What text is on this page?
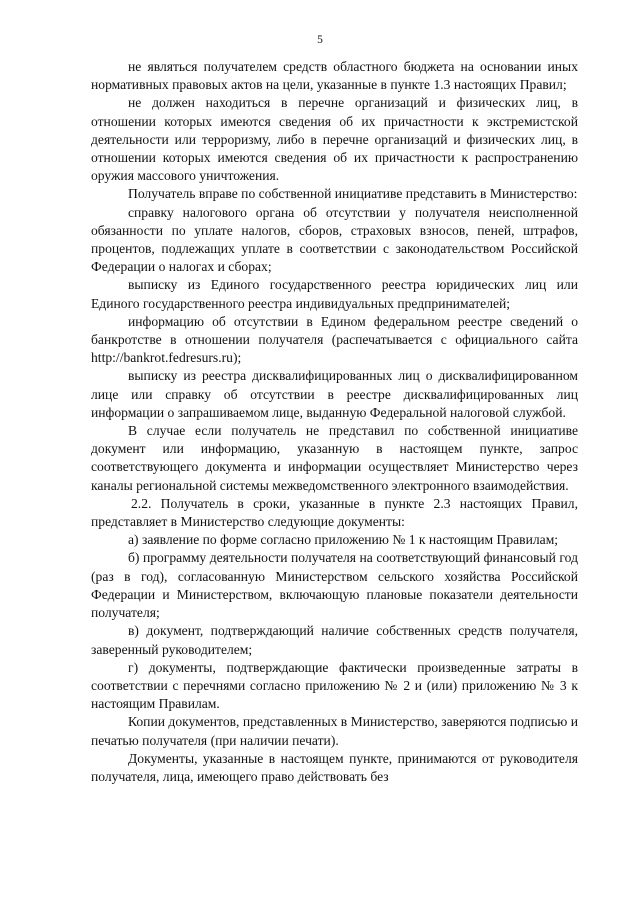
5

не являться получателем средств областного бюджета на основании иных нормативных правовых актов на цели, указанные в пункте 1.3 настоящих Правил;

не должен находиться в перечне организаций и физических лиц, в отношении которых имеются сведения об их причастности к экстремистской деятельности или терроризму, либо в перечне организаций и физических лиц, в отношении которых имеются сведения об их причастности к распространению оружия массового уничтожения.

Получатель вправе по собственной инициативе представить в Министерство:

справку налогового органа об отсутствии у получателя неисполненной обязанности по уплате налогов, сборов, страховых взносов, пеней, штрафов, процентов, подлежащих уплате в соответствии с законодательством Российской Федерации о налогах и сборах;

выписку из Единого государственного реестра юридических лиц или Единого государственного реестра индивидуальных предпринимателей;

информацию об отсутствии в Едином федеральном реестре сведений о банкротстве в отношении получателя (распечатывается с официального сайта http://bankrot.fedresurs.ru);

выписку из реестра дисквалифицированных лиц о дисквалифицированном лице или справку об отсутствии в реестре дисквалифицированных лиц информации о запрашиваемом лице, выданную Федеральной налоговой службой.

В случае если получатель не представил по собственной инициативе документ или информацию, указанную в настоящем пункте, запрос соответствующего документа и информации осуществляет Министерство через каналы региональной системы межведомственного электронного взаимодействия.

2.2. Получатель в сроки, указанные в пункте 2.3 настоящих Правил, представляет в Министерство следующие документы:

а) заявление по форме согласно приложению № 1 к настоящим Правилам;

б) программу деятельности получателя на соответствующий финансовый год (раз в год), согласованную Министерством сельского хозяйства Российской Федерации и Министерством, включающую плановые показатели деятельности получателя;

в) документ, подтверждающий наличие собственных средств получателя, заверенный руководителем;

г) документы, подтверждающие фактически произведенные затраты в соответствии с перечнями согласно приложению № 2 и (или) приложению № 3 к настоящим Правилам.

Копии документов, представленных в Министерство, заверяются подписью и печатью получателя (при наличии печати).

Документы, указанные в настоящем пункте, принимаются от руководителя получателя, лица, имеющего право действовать без
